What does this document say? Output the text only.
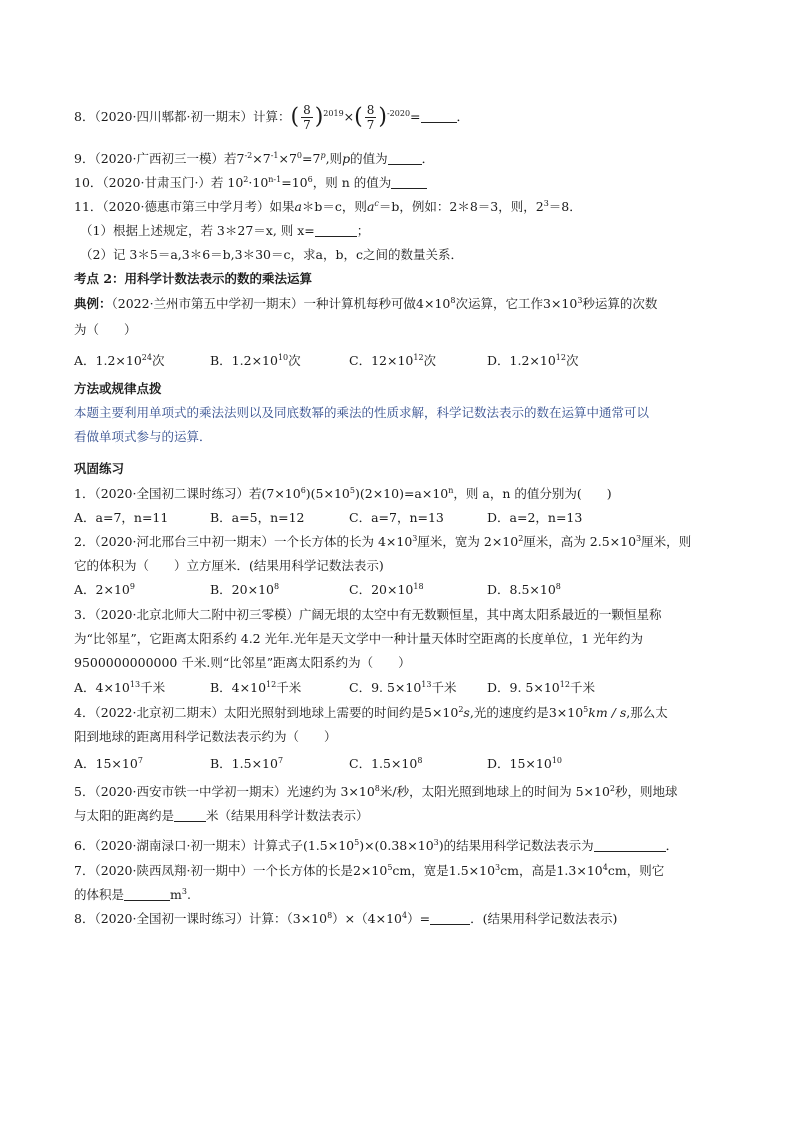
8．（2020·四川郫都·初一期末）计算：( $\frac{8}{7} )^{2019}\times( \frac{8}{7} )^{-2020}=$	．
9．（2020·广西初三一模）若$7^{-2}\times 7^{-1}\times 7^0=7^p$,则p的值为	．
10．（2020·甘肃玉门·）若 $10^2\cdot 10^{n-1}=10^6$，则 n 的值为
11．（2020·德惠市第三中学月考）如果a＊b＝c，则$a^c=b$，例如：2＊8＝3，则，$2^3=8$．
（1）根据上述规定，若 3＊27＝x, 则 x=	；
（2）记 3＊5＝a,3＊6＝b,3＊30＝c，求a，b，c之间的数量关系．
考点 2：用科学计数法表示的数的乘法运算
典例：（2022·兰州市第五中学初一期末）一种计算机每秒可做$4\times 10^8$次运算，它工作$3\times 10^3$秒运算的次数
为（　　）
A．$1.2\times 10^{24}$次	B．$1.2\times 10^{10}$次	C．$12\times 10^{12}$次	D．$1.2\times 10^{12}$次
方法或规律点拨
本题主要利用单项式的乘法法则以及同底数幂的乘法的性质求解，科学记数法表示的数在运算中通常可以
看做单项式参与的运算．
巩固练习
1．（2020·全国初二课时练习）若$(7\times 10^6)(5\times 10^5)(2\times 10)=a\times 10^n$，则 a，n 的值分别为(　　)
A．a=7，n=11	B．a=5，n=12	C．a=7，n=13	D．a=2，n=13
2．（2020·河北邢台三中初一期末）一个长方体的长为 $4\times 10^3$厘米，宽为 $2\times 10^2$厘米，高为 $2.5\times 10^3$厘米，则
它的体积为（　　）立方厘米．(结果用科学记数法表示)
A．$2\times 10^9$	B．$20\times 10^8$	C．$20\times 10^{18}$	D．$8.5\times 10^8$
3．（2020·北京北师大二附中初三零模）广阔无垠的太空中有无数颗恒星，其中离太阳系最近的一颗恒星称
为“比邻星”，它距离太阳系约 4.2 光年.光年是天文学中一种计量天体时空距离的长度单位，1 光年约为
9500000000000 千米.则“比邻星”距离太阳系约为（　　）
A．$4\times 10^{13}$千米	B．$4\times 10^{12}$千米	C．9. $5\times 10^{13}$千米 D．9. $5\times 10^{12}$千米
4．（2022·北京初二期末）太阳光照射到地球上需要的时间约是$5\times 10^2s$,光的速度约是$3\times 10^5km / s$,那么太
阳到地球的距离用科学记数法表示约为（　　）
A．$15\times 10^7$	B．$1.5\times 10^7$	C．$1.5\times 10^8$	D．$15\times 10^{10}$
5．（2020·西安市铁一中学初一期末）光速约为 $3\times 10^8$米/秒，太阳光照到地球上的时间为 $5\times 10^2$秒，则地球
与太阳的距离约是	米（结果用科学计数法表示）
6．（2020·湖南渌口·初一期末）计算式子$(1.5\times 10^5)\times(0.38\times 10^3)$的结果用科学记数法表示为	．
7．（2020·陕西凤翔·初一期中）一个长方体的长是$2\times 10^5cm$，宽是$1.5\times 10^3cm$，高是$1.3\times 10^4cm$，则它
的体积是	$m^3$.
8．（2020·全国初一课时练习）计算：$(3\times 10^8)\times(4\times 10^4)=$	．(结果用科学记数法表示)
